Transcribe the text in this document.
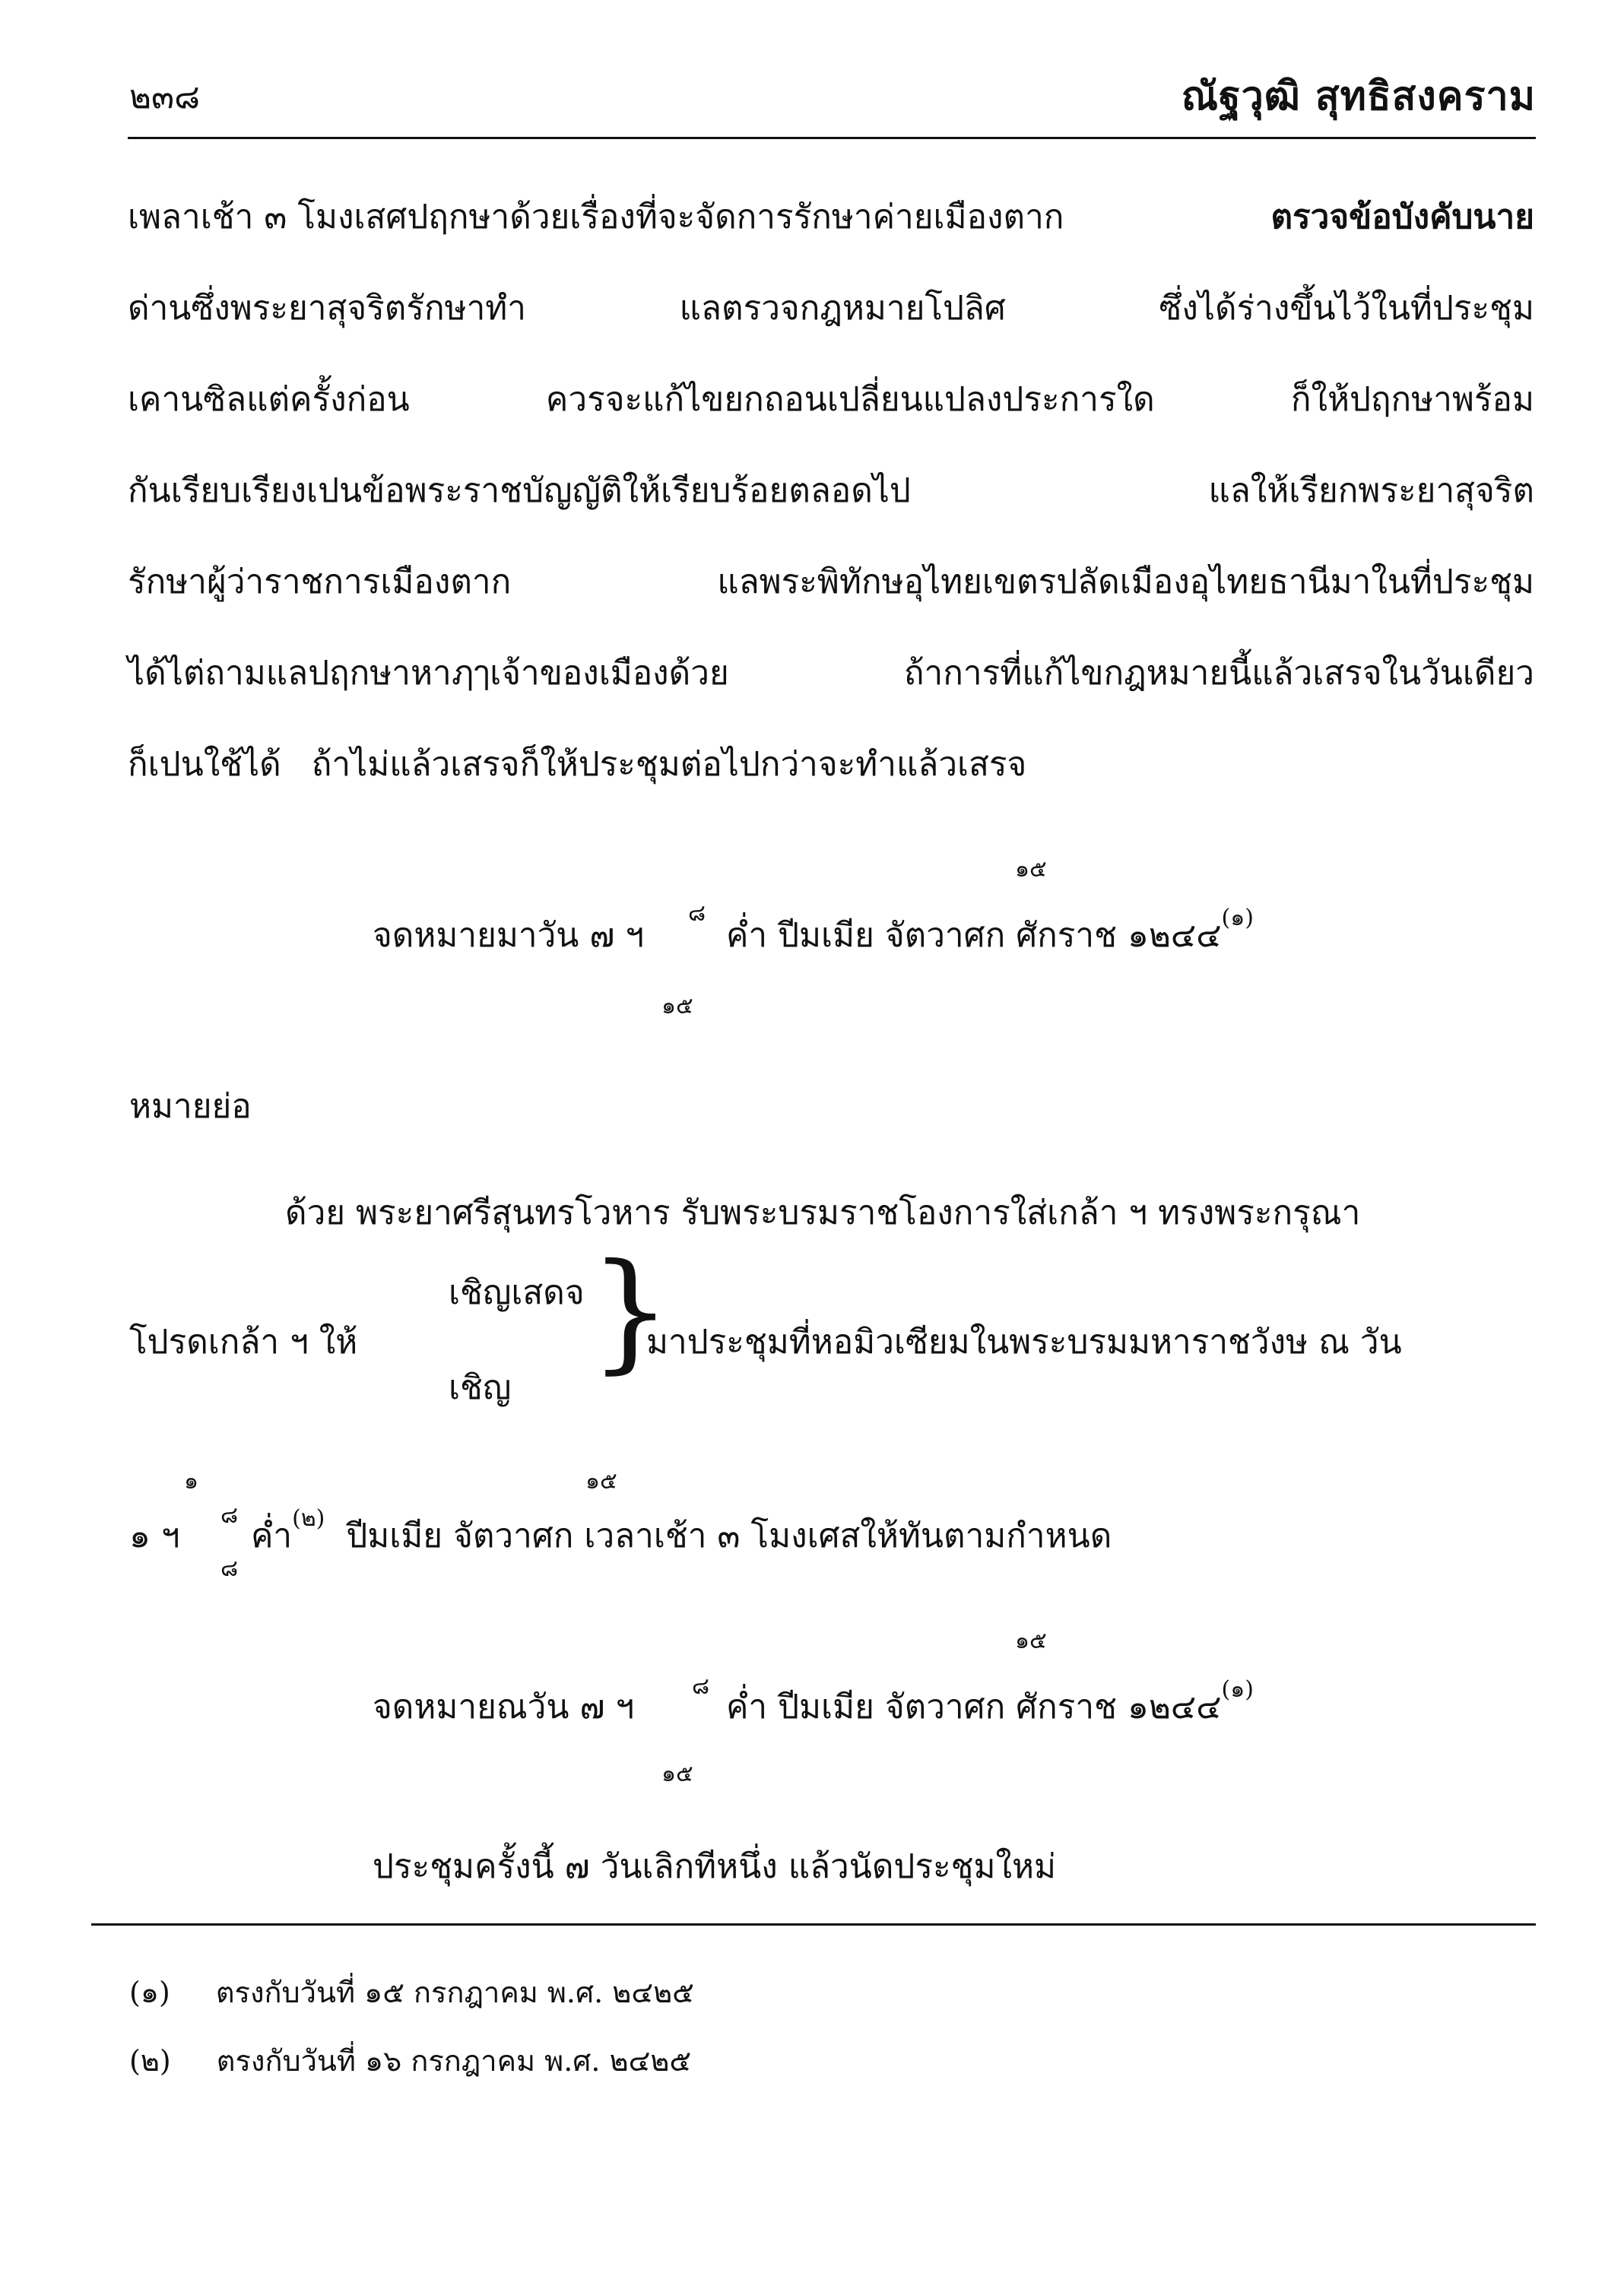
๒๓๘	ณัฐวุฒิ สุทธิสงคราม
เพลาเช้า ๓ โมงเสศปฤกษาด้วยเรื่องที่จะจัดการรักษาค่ายเมืองตาก	ตรวจข้อบังคับนาย
ด่านซึ่งพระยาสุจริตรักษาทำ	แลตรวจกฎหมายโปลิศ	ซึ่งได้ร่างขึ้นไว้ในที่ประชุม
เคานซิลแต่ครั้งก่อน	ควรจะแก้ไขยกถอนเปลี่ยนแปลงประการใด	ก็ให้ปฤกษาพร้อม
กันเรียบเรียงเปนข้อพระราชบัญญัติให้เรียบร้อยตลอดไป	แลให้เรียกพระยาสุจริต
รักษาผู้ว่าราชการเมืองตาก	แลพระพิทักษอุไทยเขตรปลัดเมืองอุไทยธานีมาในที่ประชุม
ได้ไต่ถามแลปฤกษาหาฦๅเจ้าของเมืองด้วย	ถ้าการที่แก้ไขกฎหมายนี้แล้วเสรจในวันเดียว
ก็เปนใช้ได้ ถ้าไม่แล้วเสรจก็ให้ประชุมต่อไปกว่าจะทำแล้วเสรจ
๑๕
จดหมายมาวัน ๗ ฯ
๘
๑๕
ค่ำ ปีมเมีย จัตวาศก ศักราช ๑๒๔๔$^{(๑)}$
หมายย่อ
ด้วย พระยาศรีสุนทรโวหาร รับพระบรมราชโองการใส่เกล้า ฯ ทรงพระกรุณา
โปรดเกล้า ฯ ให้
เชิญเสดจ
เชิญ
}
มาประชุมที่หอมิวเซียมในพระบรมมหาราชวังษ ณ วัน
๑	๑๕
๑ ฯ
๘
๘
ค่ำ$^{(๒)}$ ปีมเมีย จัตวาศก เวลาเช้า ๓ โมงเศสให้ทันตามกำหนด
๑๕
จดหมายณวัน ๗ ฯ
๘
๑๕
ค่ำ ปีมเมีย จัตวาศก ศักราช ๑๒๔๔$^{(๑)}$
ประชุมครั้งนี้ ๗ วันเลิกทีหนึ่ง แล้วนัดประชุมใหม่
(๑) ตรงกับวันที่ ๑๕ กรกฎาคม พ.ศ. ๒๔๒๕
(๒) ตรงกับวันที่ ๑๖ กรกฎาคม พ.ศ. ๒๔๒๕
